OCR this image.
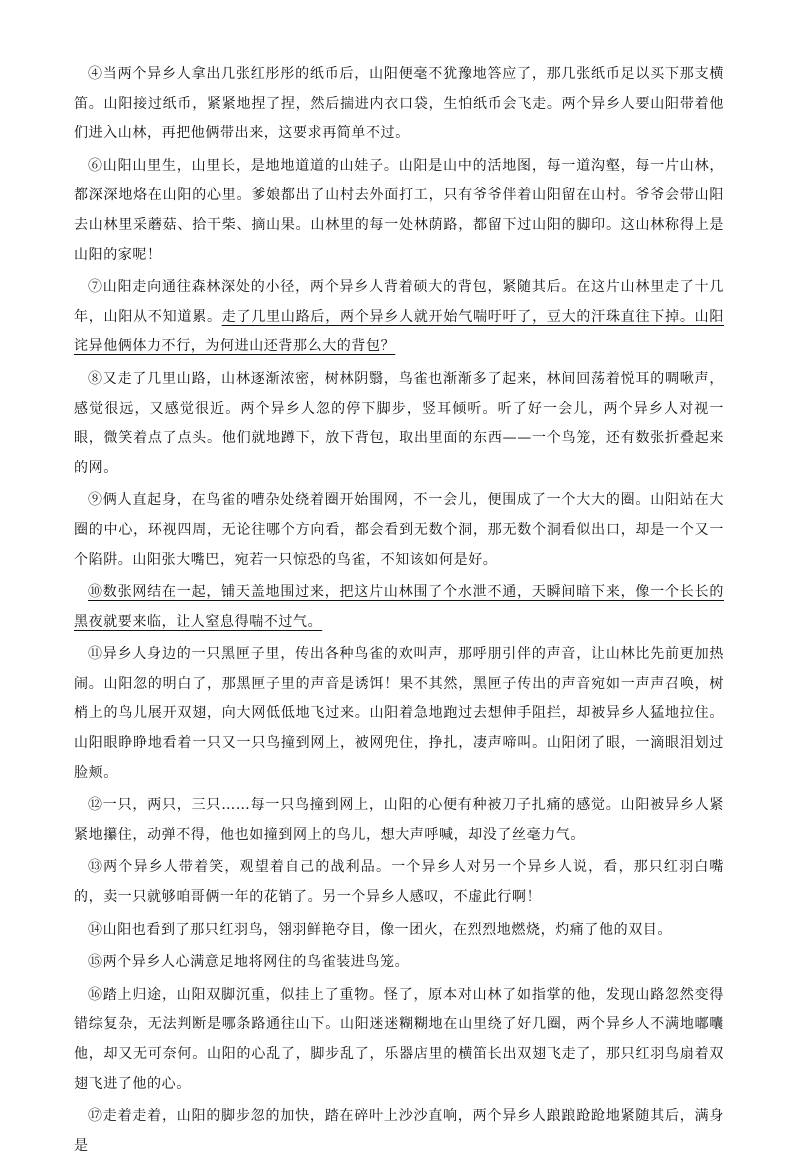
④当两个异乡人拿出几张红彤彤的纸币后，山阳便毫不犹豫地答应了，那几张纸币足以买下那支横笛。山阳接过纸币，紧紧地捏了捏，然后揣进内衣口袋，生怕纸币会飞走。两个异乡人要山阳带着他们进入山林，再把他俩带出来，这要求再简单不过。

⑥山阳山里生，山里长，是地地道道的山娃子。山阳是山中的活地图，每一道沟壑，每一片山林，都深深地烙在山阳的心里。爹娘都出了山村去外面打工，只有爷爷伴着山阳留在山村。爷爷会带山阳去山林里采蘑菇、拾干柴、摘山果。山林里的每一处林荫路，都留下过山阳的脚印。这山林称得上是山阳的家呢！

⑦山阳走向通往森林深处的小径，两个异乡人背着硕大的背包，紧随其后。在这片山林里走了十几年，山阳从不知道累。走了几里山路后，两个异乡人就开始气喘吁吁了，豆大的汗珠直往下掉。山阳诧异他俩体力不行，为何进山还背那么大的背包？

⑧又走了几里山路，山林逐渐浓密，树林阴翳，鸟雀也渐渐多了起来，林间回荡着悦耳的啁啾声，感觉很远，又感觉很近。两个异乡人忽的停下脚步，竖耳倾听。听了好一会儿，两个异乡人对视一眼，微笑着点了点头。他们就地蹲下，放下背包，取出里面的东西——一个鸟笼，还有数张折叠起来的网。

⑨俩人直起身，在鸟雀的嘈杂处绕着圈开始围网，不一会儿，便围成了一个大大的圈。山阳站在大圈的中心，环视四周，无论往哪个方向看，都会看到无数个洞，那无数个洞看似出口，却是一个又一个陷阱。山阳张大嘴巴，宛若一只惊恐的鸟雀，不知该如何是好。

⑩数张网结在一起，铺天盖地围过来，把这片山林围了个水泄不通，天瞬间暗下来，像一个长长的黑夜就要来临，让人窒息得喘不过气。

⑪异乡人身边的一只黑匣子里，传出各种鸟雀的欢叫声，那呼朋引伴的声音，让山林比先前更加热闹。山阳忽的明白了，那黑匣子里的声音是诱饵！果不其然，黑匣子传出的声音宛如一声声召唤，树梢上的鸟儿展开双翅，向大网低低地飞过来。山阳着急地跑过去想伸手阻拦，却被异乡人猛地拉住。山阳眼睁睁地看着一只又一只鸟撞到网上，被网兜住，挣扎，凄声啼叫。山阳闭了眼，一滴眼泪划过脸颊。

⑫一只，两只，三只……每一只鸟撞到网上，山阳的心便有种被刀子扎痛的感觉。山阳被异乡人紧紧地攥住，动弹不得，他也如撞到网上的鸟儿，想大声呼喊，却没了丝毫力气。

⑬两个异乡人带着笑，观望着自己的战利品。一个异乡人对另一个异乡人说，看，那只红羽白嘴的，卖一只就够咱哥俩一年的花销了。另一个异乡人感叹，不虚此行啊！

⑭山阳也看到了那只红羽鸟，翎羽鲜艳夺目，像一团火，在烈烈地燃烧，灼痛了他的双目。

⑮两个异乡人心满意足地将网住的鸟雀装进鸟笼。

⑯踏上归途，山阳双脚沉重，似挂上了重物。怪了，原本对山林了如指掌的他，发现山路忽然变得错综复杂，无法判断是哪条路通往山下。山阳迷迷糊糊地在山里绕了好几圈，两个异乡人不满地嘟囔他，却又无可奈何。山阳的心乱了，脚步乱了，乐器店里的横笛长出双翅飞走了，那只红羽鸟扇着双翅飞进了他的心。

⑰走着走着，山阳的脚步忽的加快，踏在碎叶上沙沙直响，两个异乡人踉踉跄跄地紧随其后，满身是
